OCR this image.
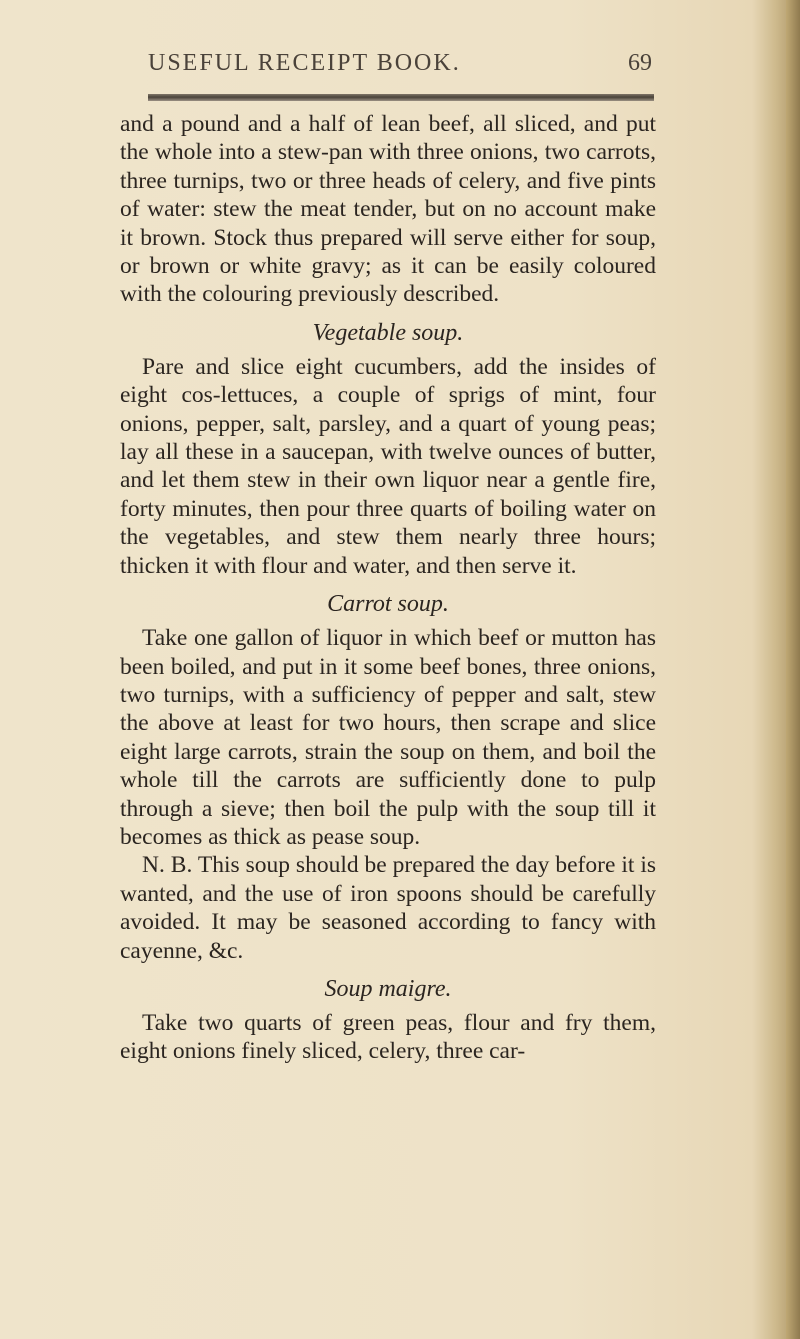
USEFUL RECEIPT BOOK.	69

and a pound and a half of lean beef, all sliced, and put the whole into a stew-pan with three onions, two carrots, three turnips, two or three heads of celery, and five pints of water: stew the meat tender, but on no account make it brown. Stock thus prepared will serve either for soup, or brown or white gravy; as it can be easily coloured with the colouring previously described.

Vegetable soup.

Pare and slice eight cucumbers, add the insides of eight cos-lettuces, a couple of sprigs of mint, four onions, pepper, salt, parsley, and a quart of young peas; lay all these in a saucepan, with twelve ounces of butter, and let them stew in their own liquor near a gentle fire, forty minutes, then pour three quarts of boiling water on the vegetables, and stew them nearly three hours; thicken it with flour and water, and then serve it.

Carrot soup.

Take one gallon of liquor in which beef or mutton has been boiled, and put in it some beef bones, three onions, two turnips, with a sufficiency of pepper and salt, stew the above at least for two hours, then scrape and slice eight large carrots, strain the soup on them, and boil the whole till the carrots are sufficiently done to pulp through a sieve; then boil the pulp with the soup till it becomes as thick as pease soup.

N. B. This soup should be prepared the day before it is wanted, and the use of iron spoons should be carefully avoided. It may be seasoned according to fancy with cayenne, &c.

Soup maigre.

Take two quarts of green peas, flour and fry them, eight onions finely sliced, celery, three car-
